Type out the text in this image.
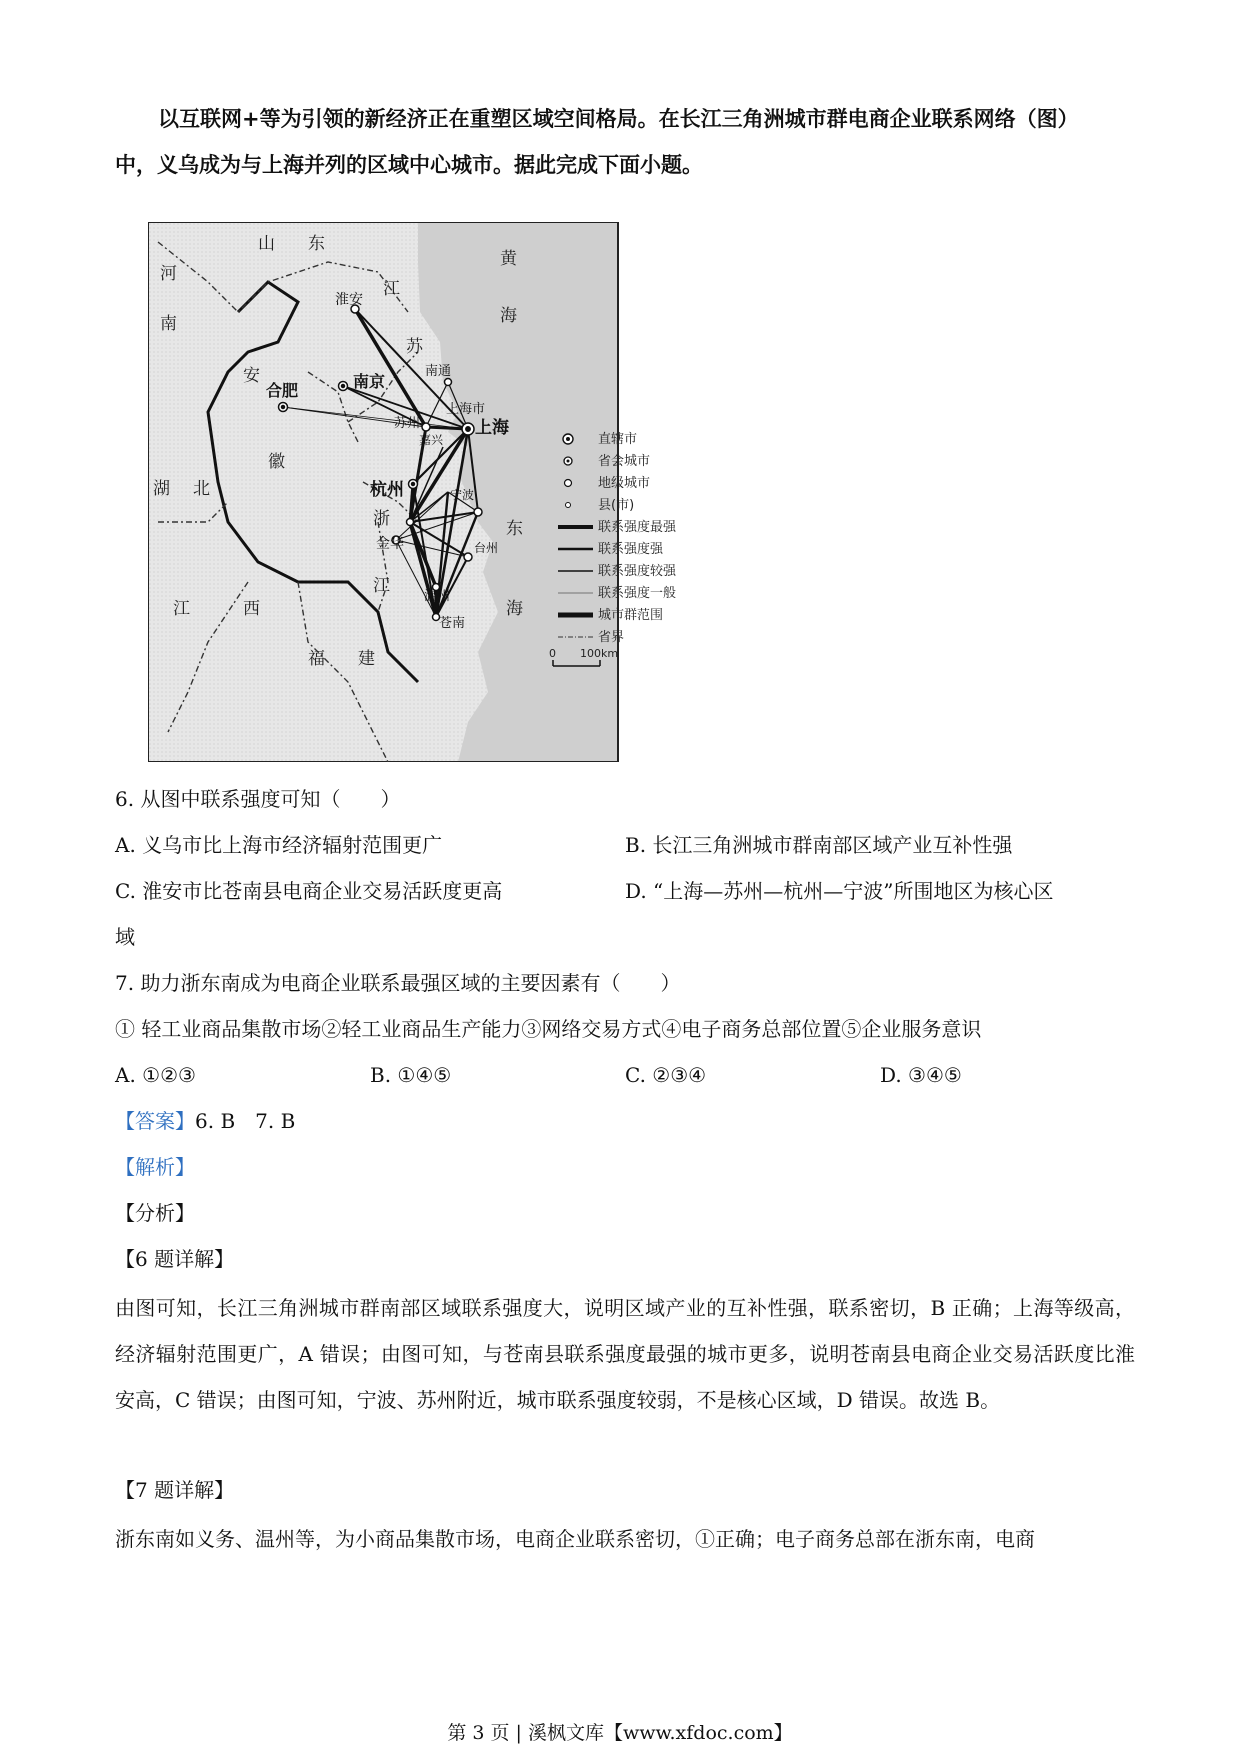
以互联网+等为引领的新经济正在重塑区域空间格局。在长江三角洲城市群电商企业联系网络（图）
中，义乌成为与上海并列的区域中心城市。据此完成下面小题。
山 东
河
南
安
徽
湖 北
江	西
福 建
江
苏
浙
江
黄
海
东
海
淮安
南京
合肥
南通
苏州
上海市
上海
嘉兴
杭州
金华
宁波
台州
温州
苍南
直辖市
省会城市
地级城市
县(市)
联系强度最强
联系强度强
联系强度较强
联系强度一般
城市群范围
省界
0 100km
6. 从图中联系强度可知（　　）
A. 义乌市比上海市经济辐射范围更广	B. 长江三角洲城市群南部区域产业互补性强
C. 淮安市比苍南县电商企业交易活跃度更高	D. “上海—苏州—杭州—宁波”所围地区为核心区
域
7. 助力浙东南成为电商企业联系最强区域的主要因素有（　　）
① 轻工业商品集散市场②轻工业商品生产能力③网络交易方式④电子商务总部位置⑤企业服务意识
A. ①②③	B. ①④⑤	C. ②③④	D. ③④⑤
【答案】6. B　7. B
【解析】
【分析】
【6 题详解】
由图可知，长江三角洲城市群南部区域联系强度大，说明区域产业的互补性强，联系密切，B 正确；上海等级高，经济辐射范围更广，A 错误；由图可知，与苍南县联系强度最强的城市更多，说明苍南县电商企业交易活跃度比淮安高，C 错误；由图可知，宁波、苏州附近，城市联系强度较弱，不是核心区域，D 错误。故选 B。
【7 题详解】
浙东南如义务、温州等，为小商品集散市场，电商企业联系密切，①正确；电子商务总部在浙东南，电商
第 3 页 | 溪枫文库【www.xfdoc.com】
